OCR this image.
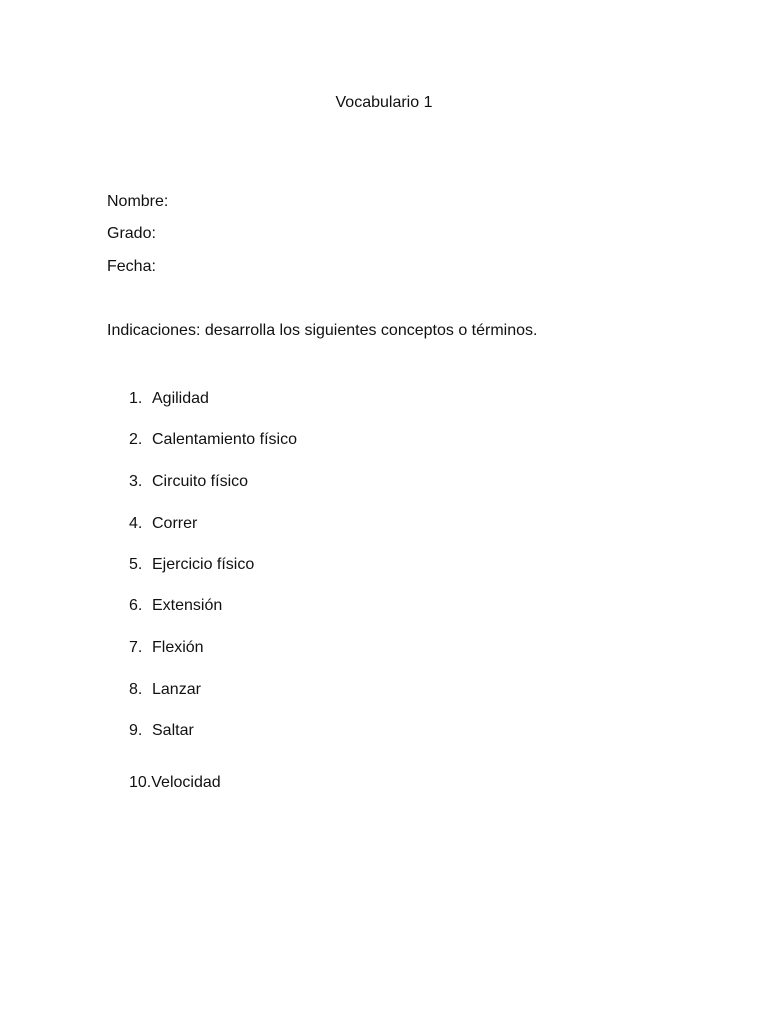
Vocabulario 1
Nombre:
Grado:
Fecha:
Indicaciones: desarrolla los siguientes conceptos o términos.
1. Agilidad
2. Calentamiento físico
3. Circuito físico
4. Correr
5. Ejercicio físico
6. Extensión
7. Flexión
8. Lanzar
9. Saltar
10.Velocidad
